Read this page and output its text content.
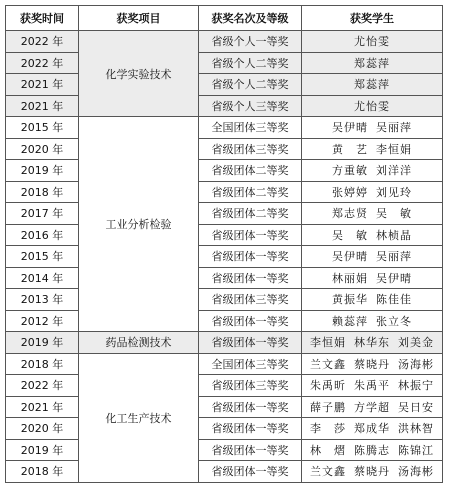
获奖时间	获奖项目	获奖名次及等级	获奖学生
2022 年	化学实验技术	省级个人一等奖	尤怡雯
2022 年		省级个人二等奖	郑蕊萍
2021 年		省级个人二等奖	郑蕊萍
2021 年		省级个人三等奖	尤怡雯
2015 年	工业分析检验	全国团体三等奖	吴伊晴 吴丽萍
2020 年		省级团体三等奖	黄　艺 李恒娟
2019 年		省级团体二等奖	方重敏 刘洋洋
2018 年		省级团体二等奖	张婷婷 刘见玲
2017 年		省级团体二等奖	郑志贤 吴　敏
2016 年		省级团体一等奖	吴　敏 林桢晶
2015 年		省级团体一等奖	吴伊晴 吴丽萍
2014 年		省级团体一等奖	林丽娟 吴伊晴
2013 年		省级团体三等奖	黄振华 陈佳佳
2012 年		省级团体一等奖	赖蕊萍 张立冬
2019 年	药品检测技术	省级团体一等奖	李恒娟 林华东 刘美金
2018 年	化工生产技术	全国团体三等奖	兰文鑫 蔡晓丹 汤海彬
2022 年		省级团体三等奖	朱禹昕 朱禹平 林振宁
2021 年		省级团体一等奖	薛子鹏 方学超 吴日安
2020 年		省级团体一等奖	李　莎 郑成华 洪林智
2019 年		省级团体一等奖	林　熠 陈腾志 陈锦江
2018 年		省级团体一等奖	兰文鑫 蔡晓丹 汤海彬
